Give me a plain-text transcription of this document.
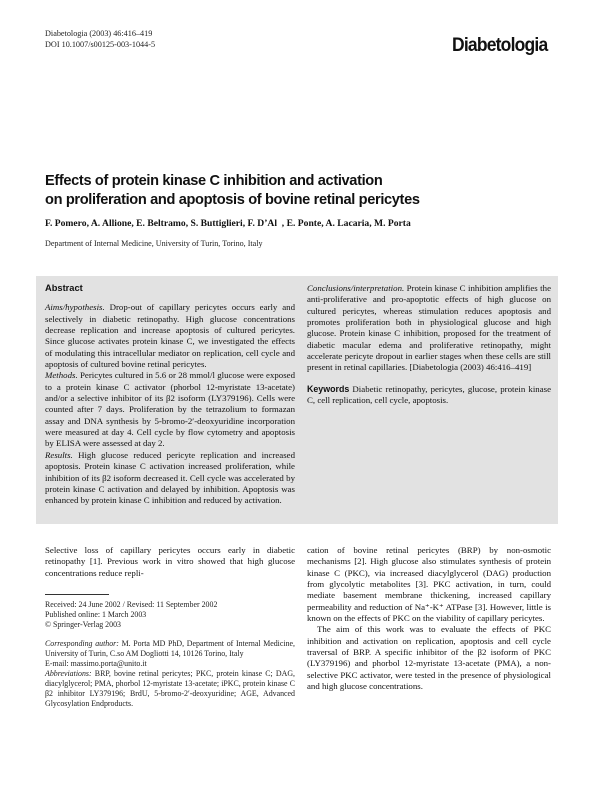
Diabetologia (2003) 46:416–419
DOI 10.1007/s00125-003-1044-5	Diabetologia
Effects of protein kinase C inhibition and activation
on proliferation and apoptosis of bovine retinal pericytes
F. Pomero, A. Allione, E. Beltramo, S. Buttiglieri, F. D’Al  , E. Ponte, A. Lacaria, M. Porta
Department of Internal Medicine, University of Turin, Torino, Italy
Abstract

Aims/hypothesis. Drop-out of capillary pericytes occurs early and selectively in diabetic retinopathy. High glucose concentrations decrease replication and increase apoptosis of cultured pericytes. Since glucose activates protein kinase C, we investigated the effects of modulating this intracellular mediator on replication, cell cycle and apoptosis of cultured bovine retinal pericytes.

Methods. Pericytes cultured in 5.6 or 28 mmol/l glucose were exposed to a protein kinase C activator (phorbol 12-myristate 13-acetate) and/or a selective inhibitor of its β2 isoform (LY379196). Cells were counted after 7 days. Proliferation by the tetrazolium to formazan assay and DNA synthesis by 5-bromo-2′-deoxyuridine incorporation were measured at day 4. Cell cycle by flow cytometry and apoptosis by ELISA were assessed at day 2.

Results. High glucose reduced pericyte replication and increased apoptosis. Protein kinase C activation increased proliferation, while inhibition of its β2 isoform decreased it. Cell cycle was accelerated by protein kinase C activation and delayed by inhibition. Apoptosis was enhanced by protein kinase C inhibition and reduced by activation.

Conclusions/interpretation. Protein kinase C inhibition amplifies the anti-proliferative and pro-apoptotic effects of high glucose on cultured pericytes, whereas stimulation reduces apoptosis and promotes proliferation both in physiological glucose and high glucose. Protein kinase C inhibition, proposed for the treatment of diabetic macular edema and proliferative retinopathy, might accelerate pericyte dropout in earlier stages when these cells are still present in retinal capillaries. [Diabetologia (2003) 46:416–419]

Keywords Diabetic retinopathy, pericytes, glucose, protein kinase C, cell replication, cell cycle, apoptosis.

Selective loss of capillary pericytes occurs early in diabetic retinopathy [1]. Previous work in vitro showed that high glucose concentrations reduce repli-

Received: 24 June 2002 / Revised: 11 September 2002
Published online: 1 March 2003
© Springer-Verlag 2003

Corresponding author: M. Porta MD PhD, Department of Internal Medicine, University of Turin, C.so AM Dogliotti 14, 10126 Torino, Italy

E-mail: massimo.porta@unito.it

Abbreviations: BRP, bovine retinal pericytes; PKC, protein kinase C; DAG, diacylglycerol; PMA, phorbol 12-myristate 13-acetate; iPKC, protein kinase C β2 inhibitor LY379196; BrdU, 5-bromo-2′-deoxyuridine; AGE, Advanced Glycosylation Endproducts.

cation of bovine retinal pericytes (BRP) by non-osmotic mechanisms [2]. High glucose also stimulates synthesis of protein kinase C (PKC), via increased diacylglycerol (DAG) production from glycolytic metabolites [3]. PKC activation, in turn, could mediate basement membrane thickening, increased capillary permeability and reduction of Na⁺-K⁺ ATPase [3]. However, little is known on the effects of PKC on the viability of capillary pericytes.

The aim of this work was to evaluate the effects of PKC inhibition and activation on replication, apoptosis and cell cycle traversal of BRP. A specific inhibitor of the β2 isoform of PKC (LY379196) and phorbol 12-myristate 13-acetate (PMA), a non-selective PKC activator, were tested in the presence of physiological and high glucose concentrations.
